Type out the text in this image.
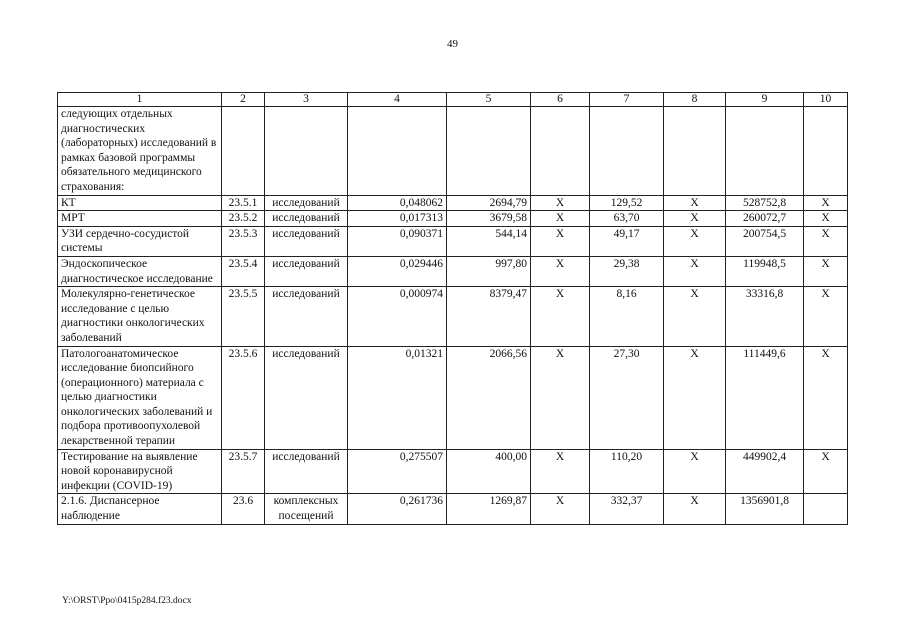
49
1	2	3	4	5	6	7	8	9	10
следующих отдельных диагностических (лабораторных) исследований в рамках базовой программы обязательного медицинского страхования:									
КТ	23.5.1	исследований	0,048062	2694,79	X	129,52	X	528752,8	X
МРТ	23.5.2	исследований	0,017313	3679,58	X	63,70	X	260072,7	X
УЗИ сердечно-сосудистой системы	23.5.3	исследований	0,090371	544,14	X	49,17	X	200754,5	X
Эндоскопическое диагностическое исследование	23.5.4	исследований	0,029446	997,80	X	29,38	X	119948,5	X
Молекулярно-генетическое исследование с целью диагностики онкологических заболеваний	23.5.5	исследований	0,000974	8379,47	X	8,16	X	33316,8	X
Патологоанатомическое исследование биопсийного (операционного) материала с целью диагностики онкологических заболеваний и подбора противоопухолевой лекарственной терапии	23.5.6	исследований	0,01321	2066,56	X	27,30	X	111449,6	X
Тестирование на выявление новой коронавирусной инфекции (COVID-19)	23.5.7	исследований	0,275507	400,00	X	110,20	X	449902,4	X
2.1.6. Диспансерное наблюдение	23.6	комплексных посещений	0,261736	1269,87	X	332,37	X	1356901,8	
Y:\ORST\Ppo\0415p284.f23.docx
